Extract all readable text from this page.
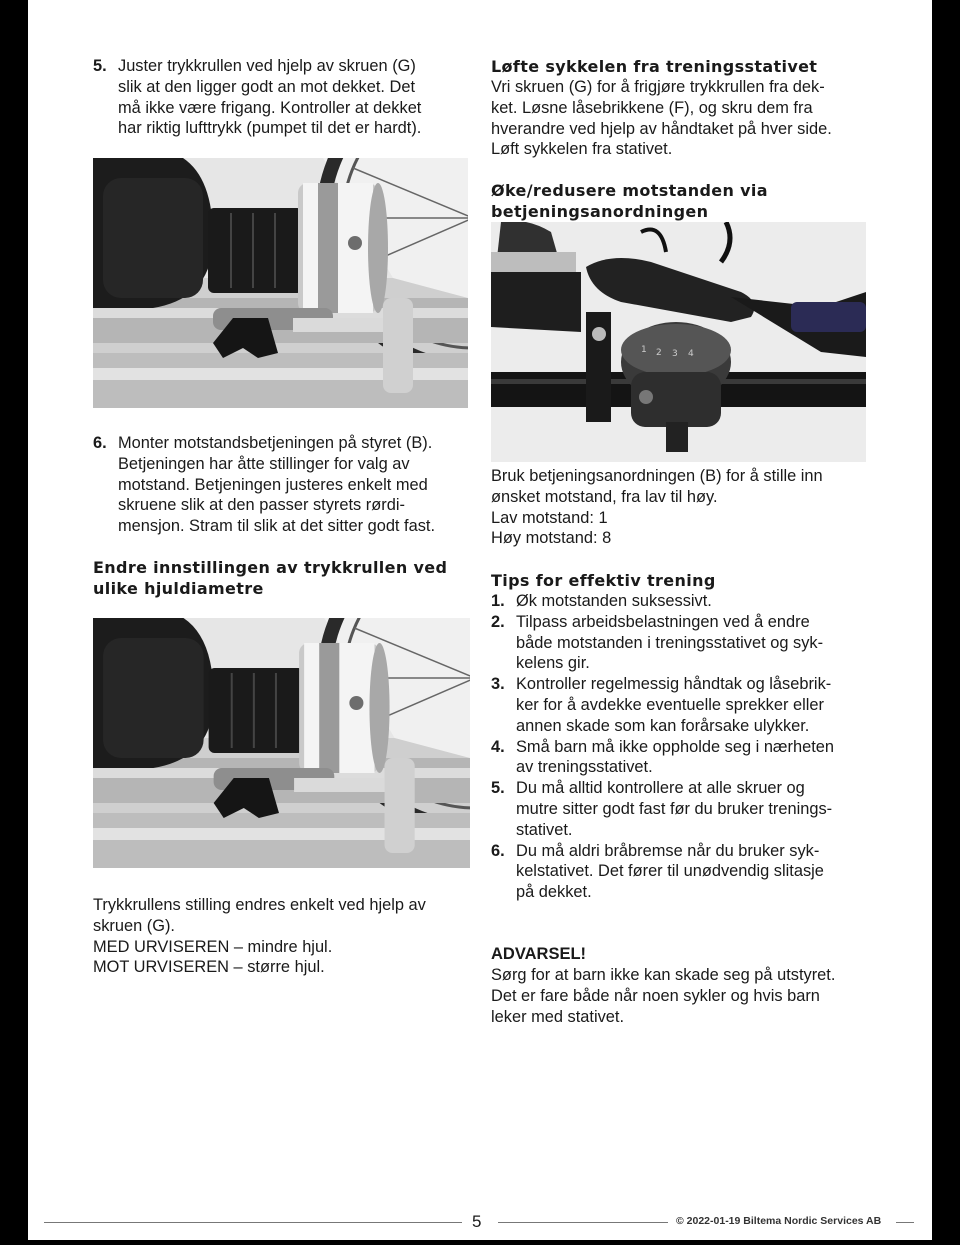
5. Juster trykkrullen ved hjelp av skruen (G)
slik at den ligger godt an mot dekket. Det
må ikke være frigang. Kontroller at dekket
har riktig lufttrykk (pumpet til det er hardt).
6. Monter motstandsbetjeningen på styret (B).
Betjeningen har åtte stillinger for valg av
motstand. Betjeningen justeres enkelt med
skruene slik at den passer styrets rørdi-
mensjon. Stram til slik at det sitter godt fast.
Endre innstillingen av trykkrullen ved
ulike hjuldiametre

Trykkrullens stilling endres enkelt ved hjelp av

skruen (G).

MED URVISEREN – mindre hjul.

MOT URVISEREN – større hjul.

Løfte sykkelen fra treningsstativet

Vri skruen (G) for å frigjøre trykkrullen fra dek-

ket. Løsne låsebrikkene (F), og skru dem fra

hverandre ved hjelp av håndtaket på hver side.

Løft sykkelen fra stativet.

Øke/redusere motstanden via
betjeningsanordningen
1 2 3 4

Bruk betjeningsanordningen (B) for å stille inn

ønsket motstand, fra lav til høy.

Lav motstand: 1

Høy motstand: 8

Tips for effektiv trening
1. Øk motstanden suksessivt.
2. Tilpass arbeidsbelastningen ved å endre
både motstanden i treningsstativet og syk-
kelens gir.
3. Kontroller regelmessig håndtak og låsebrik-
ker for å avdekke eventuelle sprekker eller
annen skade som kan forårsake ulykker.
4. Små barn må ikke oppholde seg i nærheten
av treningsstativet.
5. Du må alltid kontrollere at alle skruer og
mutre sitter godt fast før du bruker trenings-
stativet.
6. Du må aldri bråbremse når du bruker syk-
kelstativet. Det fører til unødvendig slitasje
på dekket.

ADVARSEL!

Sørg for at barn ikke kan skade seg på utstyret.

Det er fare både når noen sykler og hvis barn

leker med stativet.

5	© 2022-01-19 Biltema Nordic Services AB
